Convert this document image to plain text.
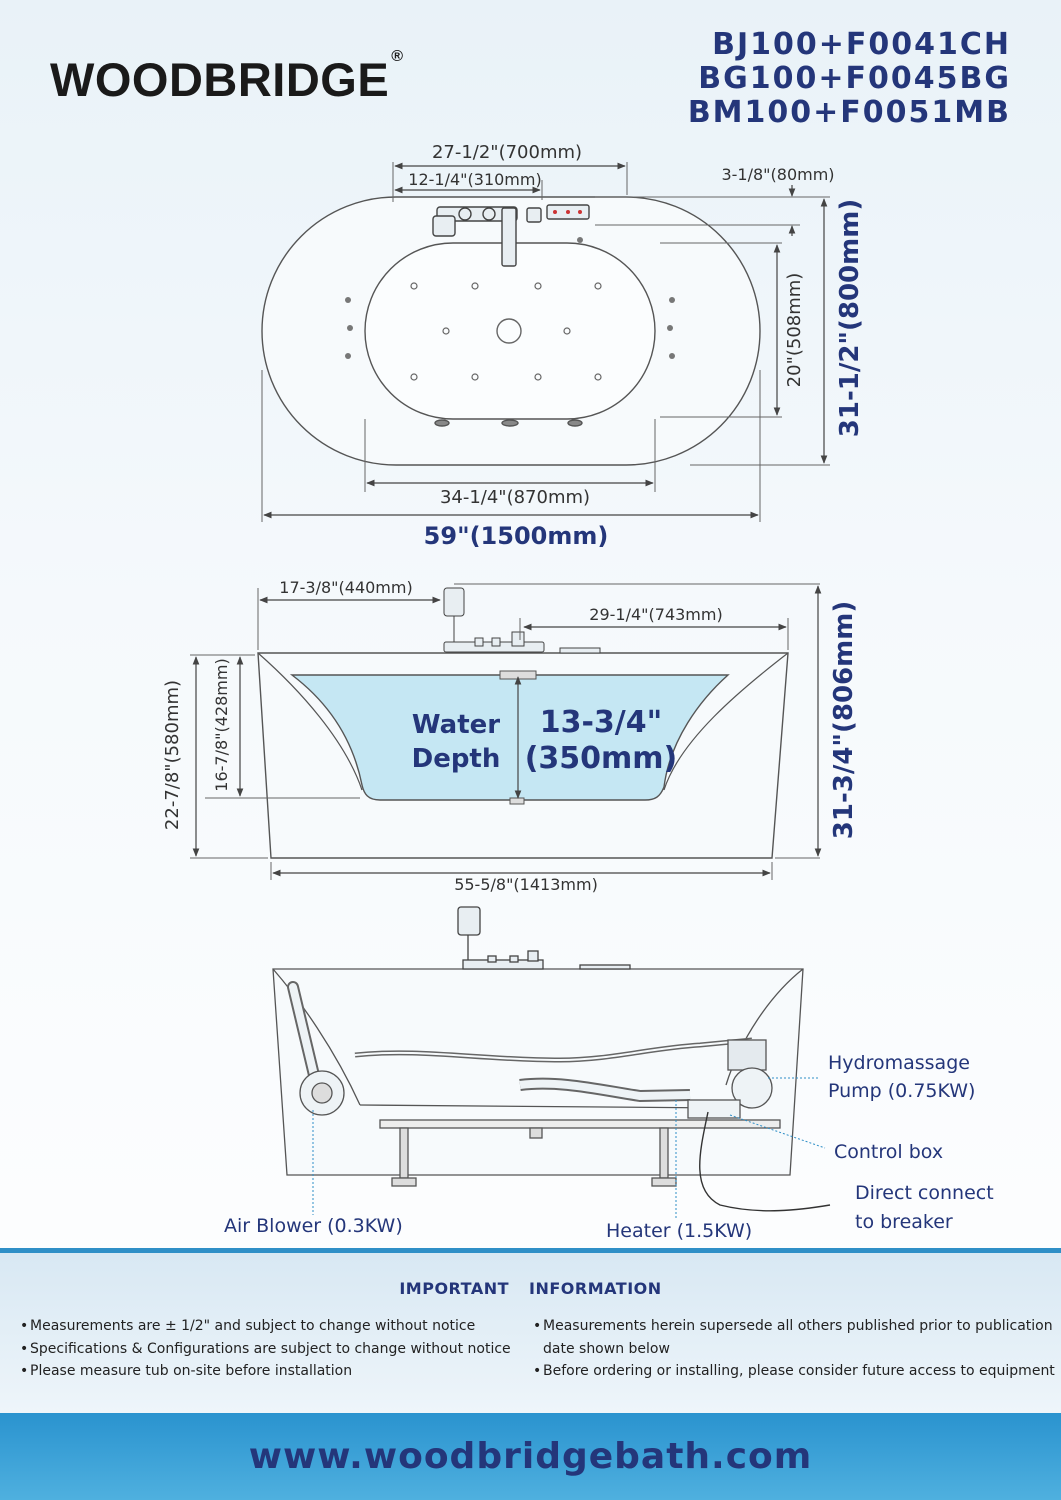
WOODBRIDGE ®	BJ100+F0041CH
BG100+F0045BG
BM100+F0051MB
27-1/2"(700mm)
12-1/4"(310mm)	3-1/8"(80mm)
20"(508mm) 31-1/2"(800mm)
34-1/4"(870mm)
59"(1500mm)
17-3/8"(440mm)
29-1/4"(743mm)
16-7/8"(428mm)
22-7/8"(580mm)	31-3/4"(806mm)
55-5/8"(1413mm)
Water
Depth
13-3/4"
(350mm)
Hydromassage
Pump (0.75KW)
Control box
Direct connect
to breaker
Air Blower (0.3KW)	Heater (1.5KW)
IMPORTANT INFORMATION
• Measurements are ± 1/2" and subject to change without notice
• Specifications & Configurations are subject to change without notice
• Please measure tub on-site before installation
• Measurements herein supersede all others published prior to publication
date shown below
• Before ordering or installing, please consider future access to equipment
www.woodbridgebath.com
